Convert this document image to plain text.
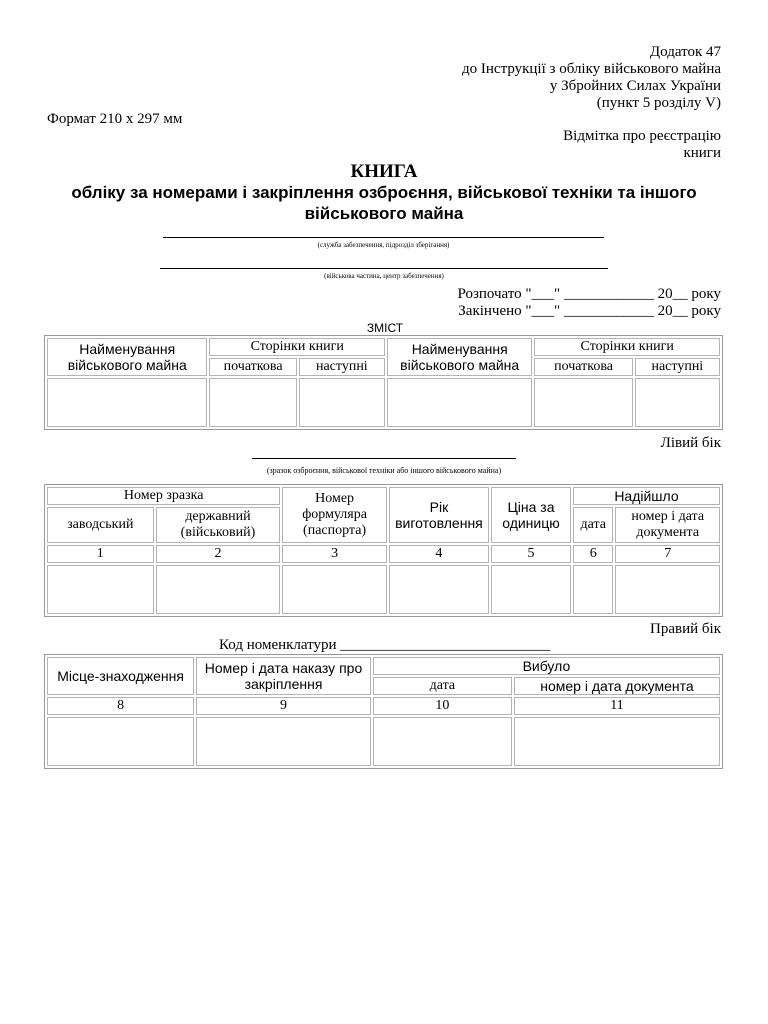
Додаток 47
до Інструкції з обліку військового майна
у Збройних Силах України
(пункт 5 розділу V)
Формат 210 х 297 мм
Відмітка про реєстрацію
книги
КНИГА
обліку за номерами і закріплення озброєння, військової техніки та іншого
військового майна
(служба забезпечення, підрозділ зберігання)
(військова частина, центр забезпечення)
Розпочато "___" ____________ 20__ року
Закінчено "___" ____________ 20__ року
ЗМІСТ
Найменування військового майна	Сторінки книги		Найменування військового майна	Сторінки книги	
	початкова	наступні		початкова	наступні

Лівий бік
(зразок озброєння, військової техніки або іншого військового майна)
Номер зразка		Номер формуляра (паспорта)	Рік виготовлення	Ціна за одиницю	Надійшло	
заводський	державний (військовий)				дата	номер і дата документа
1	2	3	4	5	6	7

Правий бік
Код номенклатури ____________________________
Місце-знаходження	Номер і дата наказу про закріплення	Вибуло	
		дата	номер і дата документа
8	9	10	11
